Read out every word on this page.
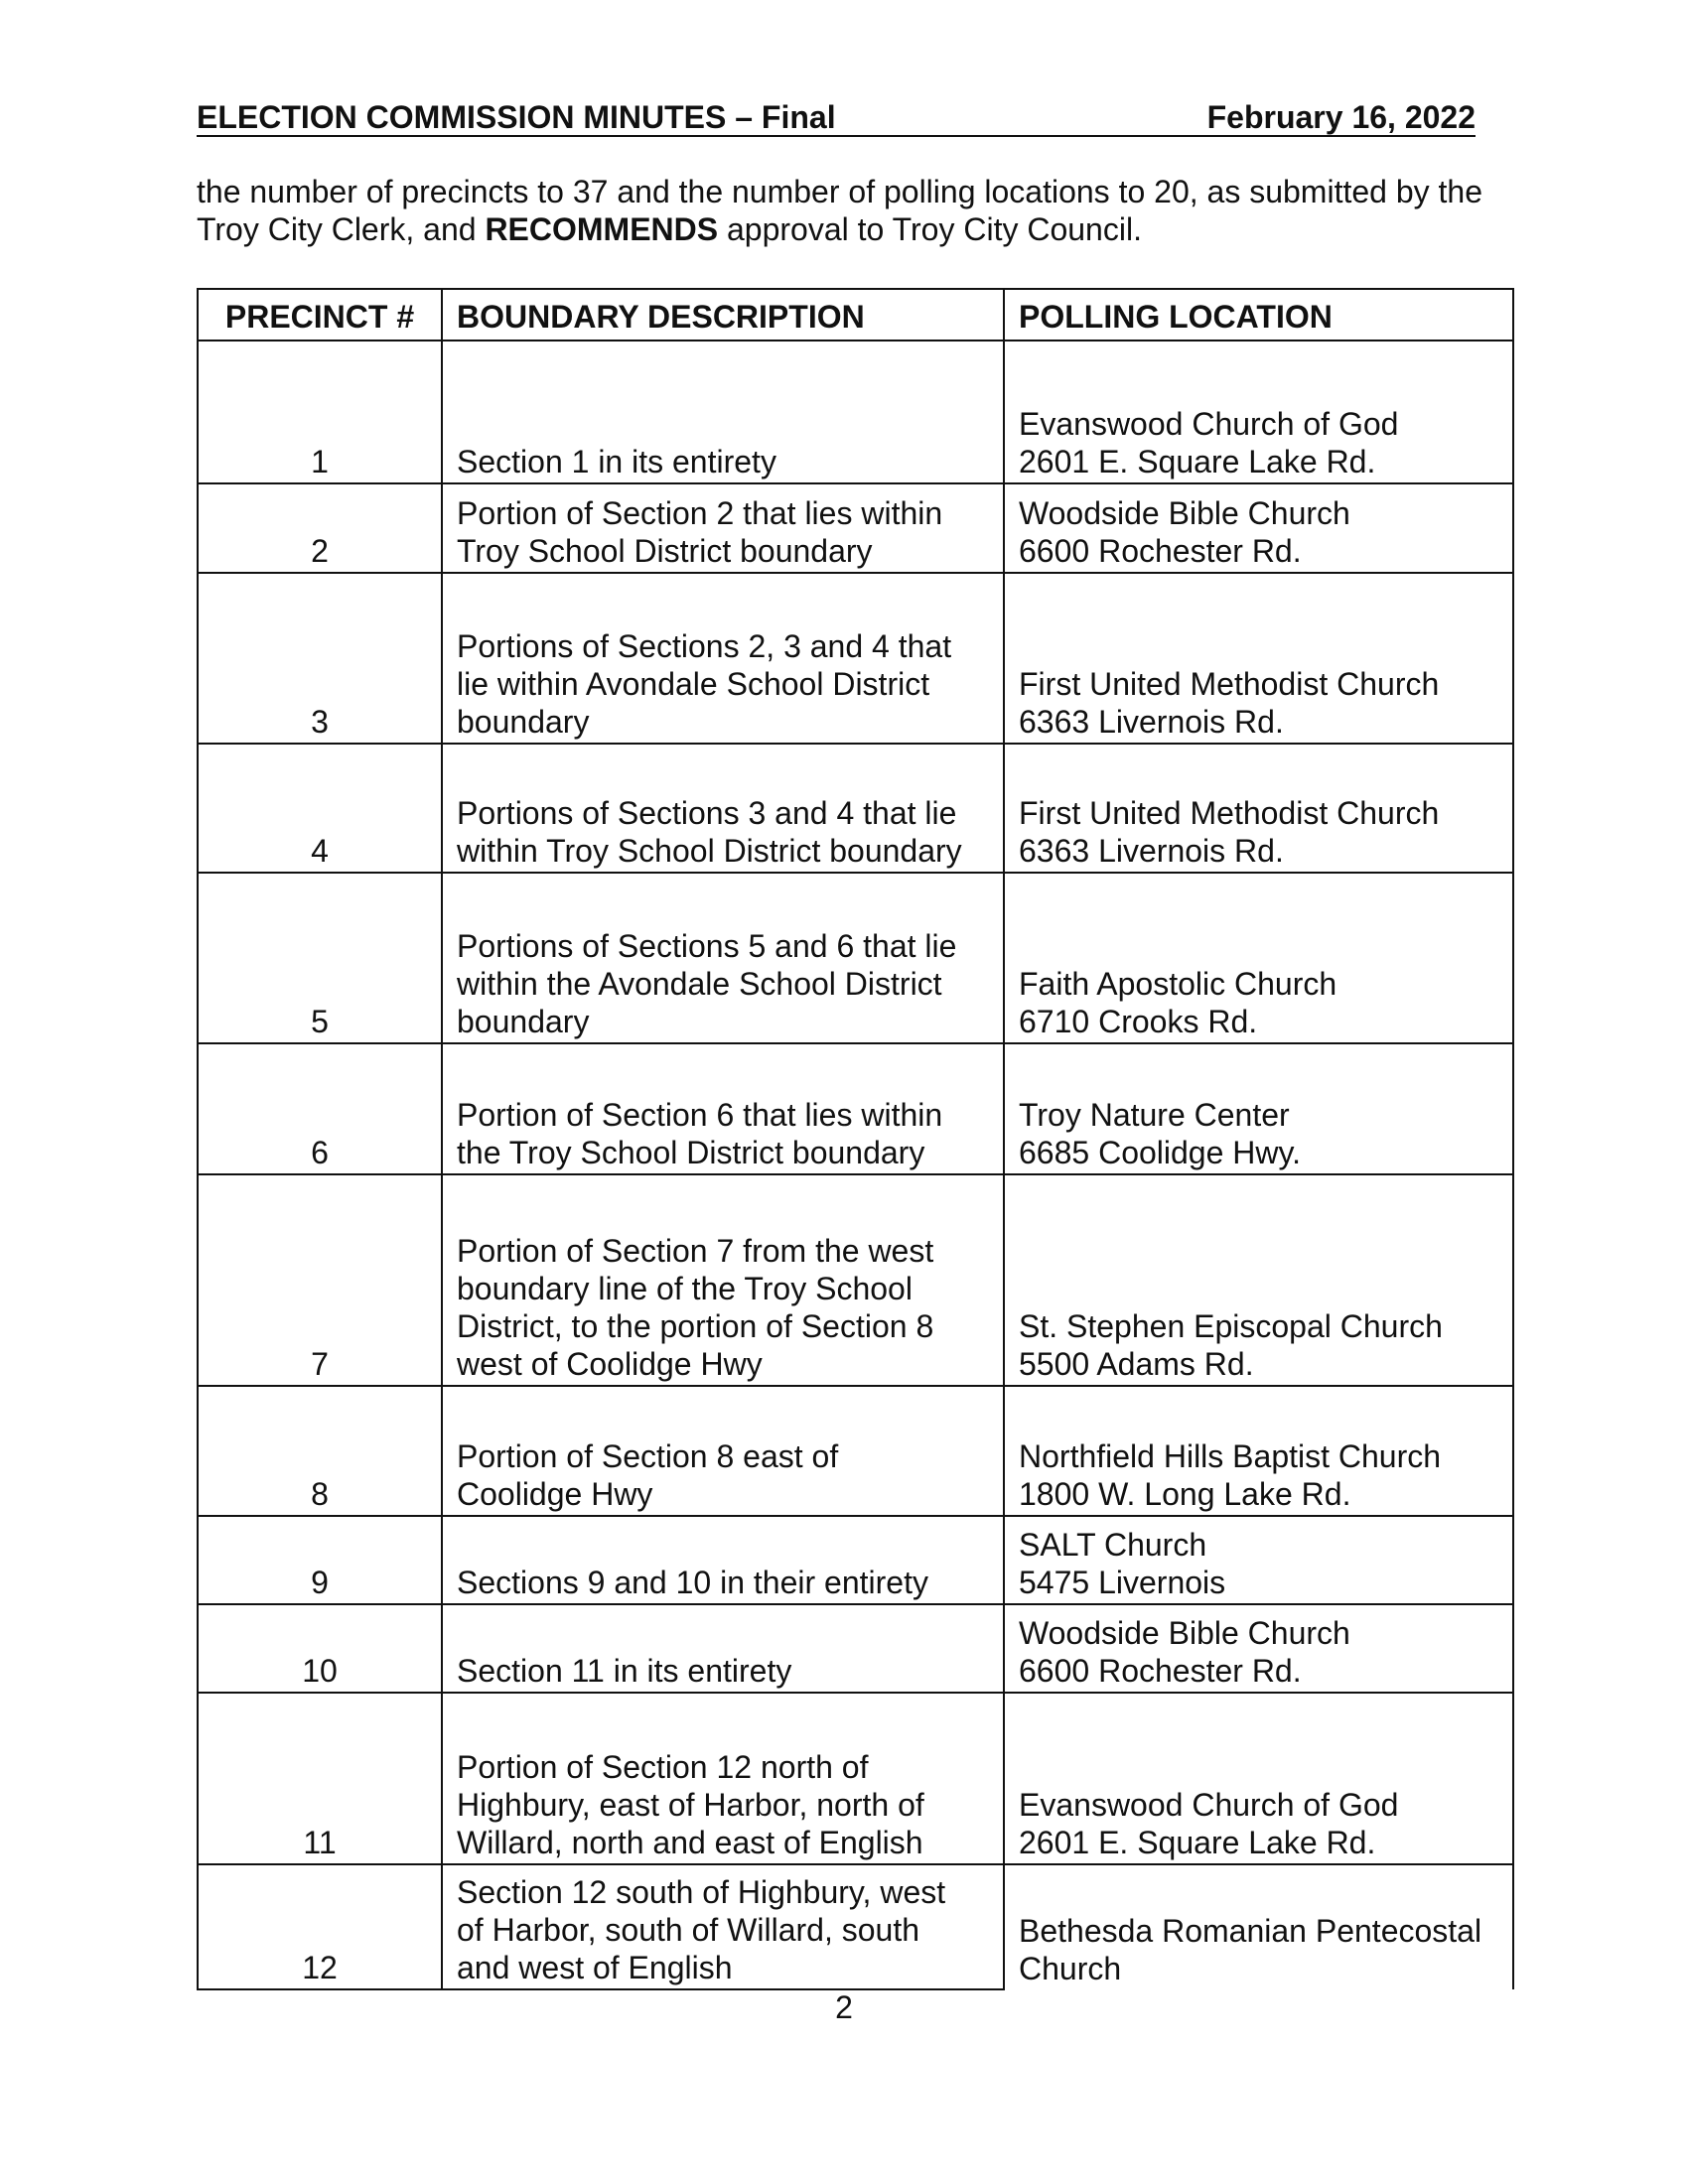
ELECTION COMMISSION MINUTES – Final	February 16, 2022
the number of precincts to 37 and the number of polling locations to 20, as submitted by the Troy City Clerk, and RECOMMENDS approval to Troy City Council.
PRECINCT #	BOUNDARY DESCRIPTION	POLLING LOCATION
1	Section 1 in its entirety	Evanswood Church of God
2601 E. Square Lake Rd.
2	Portion of Section 2 that lies within
Troy School District boundary	Woodside Bible Church
6600 Rochester Rd.
3	Portions of Sections 2, 3 and 4 that
lie within Avondale School District
boundary	First United Methodist Church
6363 Livernois Rd.
4	Portions of Sections 3 and 4 that lie
within Troy School District boundary	First United Methodist Church
6363 Livernois Rd.
5	Portions of Sections 5 and 6 that lie
within the Avondale School District
boundary	Faith Apostolic Church
6710 Crooks Rd.
6	Portion of Section 6 that lies within
the Troy School District boundary	Troy Nature Center
6685 Coolidge Hwy.
7	Portion of Section 7 from the west
boundary line of the Troy School
District, to the portion of Section 8
west of Coolidge Hwy	St. Stephen Episcopal Church
5500 Adams Rd.
8	Portion of Section 8 east of
Coolidge Hwy	Northfield Hills Baptist Church
1800 W. Long Lake Rd.
9	Sections 9 and 10 in their entirety	SALT Church
5475 Livernois
10	Section 11 in its entirety	Woodside Bible Church
6600 Rochester Rd.
11	Portion of Section 12 north of
Highbury, east of Harbor, north of
Willard, north and east of English	Evanswood Church of God
2601 E. Square Lake Rd.
12	Section 12 south of Highbury, west
of Harbor, south of Willard, south
and west of English	Bethesda Romanian Pentecostal
Church
2
